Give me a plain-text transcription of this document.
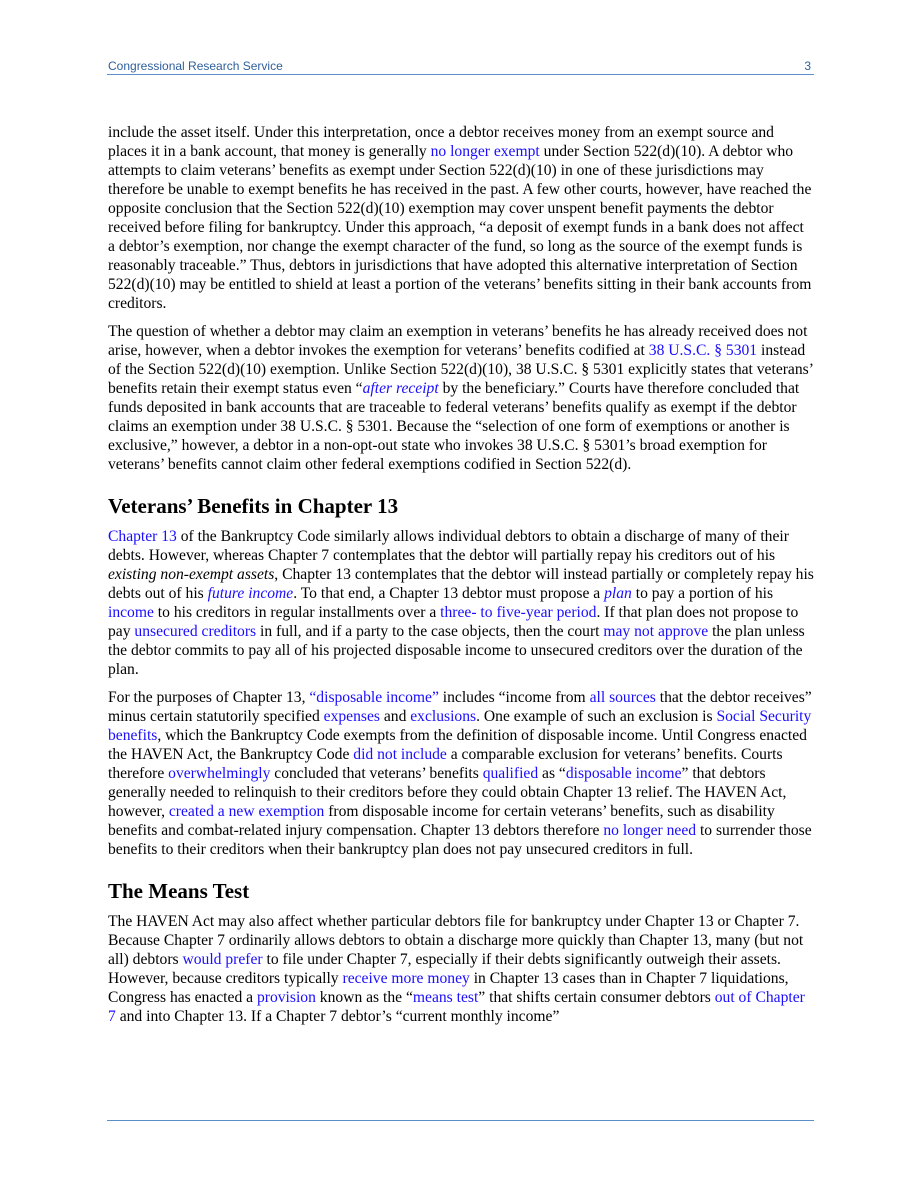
Congressional Research Service	3

include the asset itself. Under this interpretation, once a debtor receives money from an exempt source and places it in a bank account, that money is generally no longer exempt under Section 522(d)(10). A debtor who attempts to claim veterans’ benefits as exempt under Section 522(d)(10) in one of these jurisdictions may therefore be unable to exempt benefits he has received in the past. A few other courts, however, have reached the opposite conclusion that the Section 522(d)(10) exemption may cover unspent benefit payments the debtor received before filing for bankruptcy. Under this approach, “a deposit of exempt funds in a bank does not affect a debtor’s exemption, nor change the exempt character of the fund, so long as the source of the exempt funds is reasonably traceable.” Thus, debtors in jurisdictions that have adopted this alternative interpretation of Section 522(d)(10) may be entitled to shield at least a portion of the veterans’ benefits sitting in their bank accounts from creditors.

The question of whether a debtor may claim an exemption in veterans’ benefits he has already received does not arise, however, when a debtor invokes the exemption for veterans’ benefits codified at 38 U.S.C. § 5301 instead of the Section 522(d)(10) exemption. Unlike Section 522(d)(10), 38 U.S.C. § 5301 explicitly states that veterans’ benefits retain their exempt status even “after receipt by the beneficiary.” Courts have therefore concluded that funds deposited in bank accounts that are traceable to federal veterans’ benefits qualify as exempt if the debtor claims an exemption under 38 U.S.C. § 5301. Because the “selection of one form of exemptions or another is exclusive,” however, a debtor in a non-opt-out state who invokes 38 U.S.C. § 5301’s broad exemption for veterans’ benefits cannot claim other federal exemptions codified in Section 522(d).

Veterans’ Benefits in Chapter 13

Chapter 13 of the Bankruptcy Code similarly allows individual debtors to obtain a discharge of many of their debts. However, whereas Chapter 7 contemplates that the debtor will partially repay his creditors out of his existing non-exempt assets, Chapter 13 contemplates that the debtor will instead partially or completely repay his debts out of his future income. To that end, a Chapter 13 debtor must propose a plan to pay a portion of his income to his creditors in regular installments over a three- to five-year period. If that plan does not propose to pay unsecured creditors in full, and if a party to the case objects, then the court may not approve the plan unless the debtor commits to pay all of his projected disposable income to unsecured creditors over the duration of the plan.

For the purposes of Chapter 13, “disposable income” includes “income from all sources that the debtor receives” minus certain statutorily specified expenses and exclusions. One example of such an exclusion is Social Security benefits, which the Bankruptcy Code exempts from the definition of disposable income. Until Congress enacted the HAVEN Act, the Bankruptcy Code did not include a comparable exclusion for veterans’ benefits. Courts therefore overwhelmingly concluded that veterans’ benefits qualified as “disposable income” that debtors generally needed to relinquish to their creditors before they could obtain Chapter 13 relief. The HAVEN Act, however, created a new exemption from disposable income for certain veterans’ benefits, such as disability benefits and combat-related injury compensation. Chapter 13 debtors therefore no longer need to surrender those benefits to their creditors when their bankruptcy plan does not pay unsecured creditors in full.

The Means Test

The HAVEN Act may also affect whether particular debtors file for bankruptcy under Chapter 13 or Chapter 7. Because Chapter 7 ordinarily allows debtors to obtain a discharge more quickly than Chapter 13, many (but not all) debtors would prefer to file under Chapter 7, especially if their debts significantly outweigh their assets. However, because creditors typically receive more money in Chapter 13 cases than in Chapter 7 liquidations, Congress has enacted a provision known as the “means test” that shifts certain consumer debtors out of Chapter 7 and into Chapter 13. If a Chapter 7 debtor’s “current monthly income”
